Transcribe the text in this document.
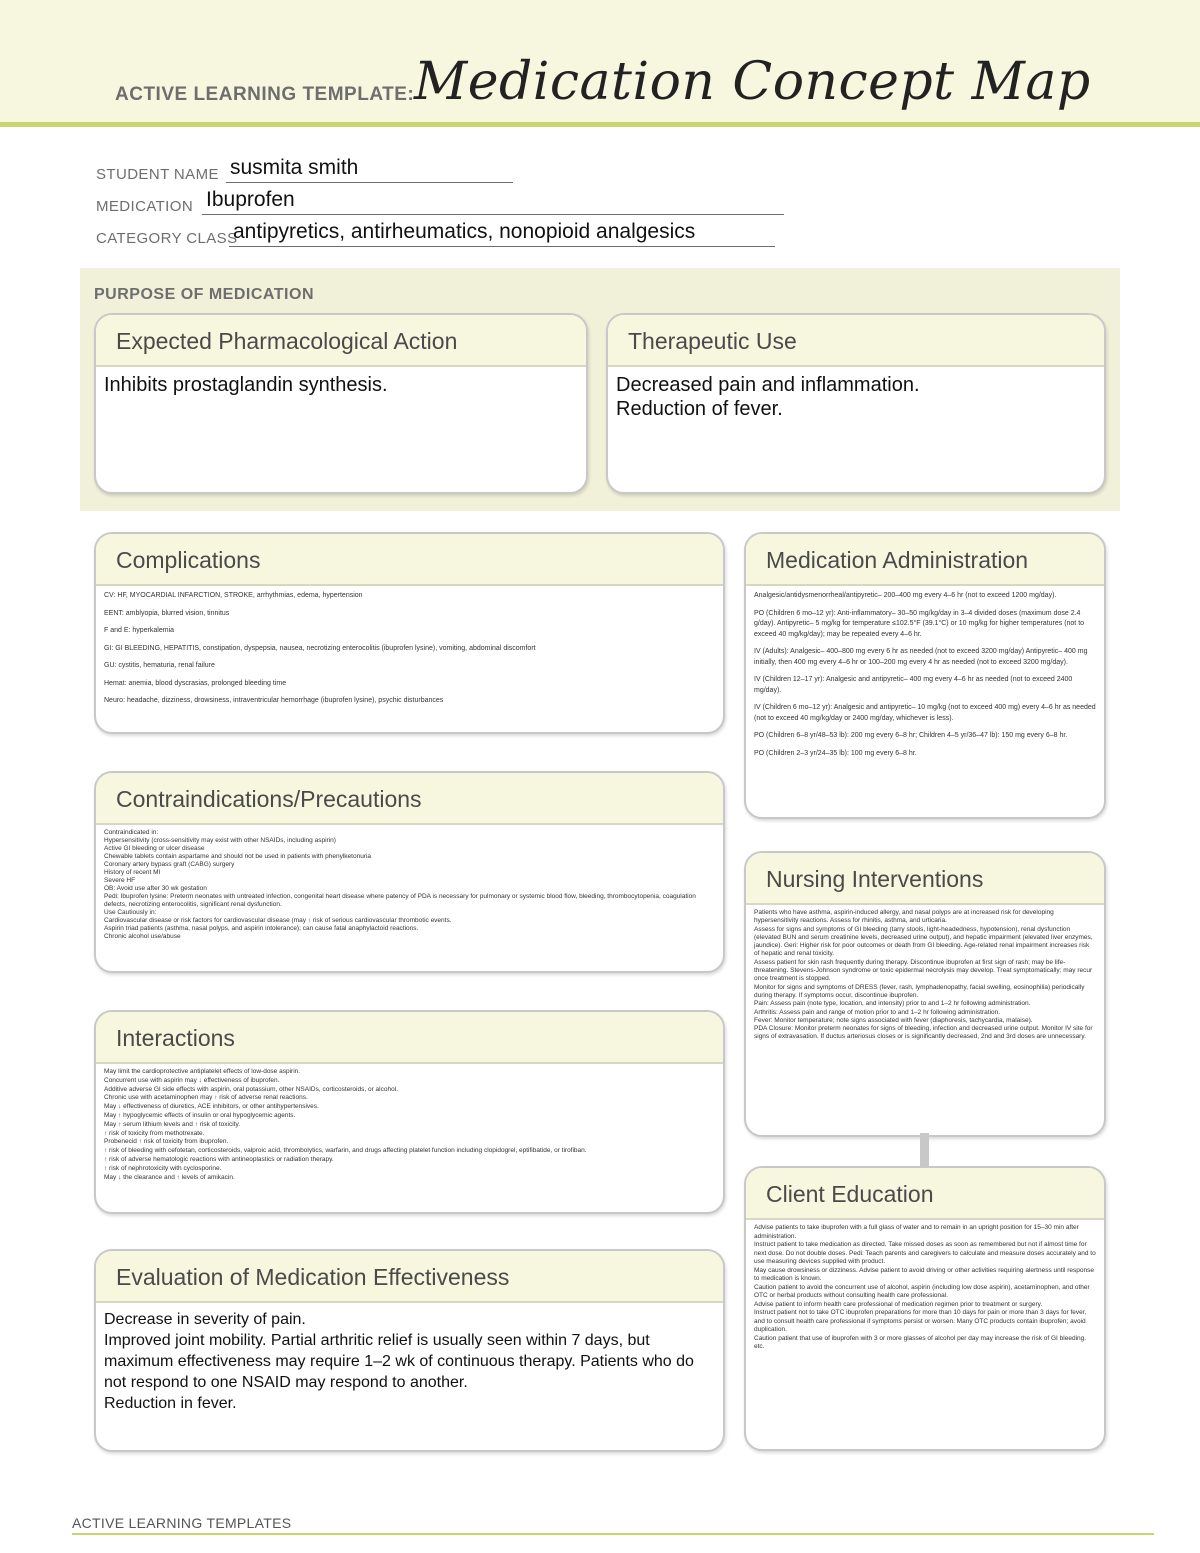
ACTIVE LEARNING TEMPLATE: Medication Concept Map
STUDENT NAME susmita smith
MEDICATION Ibuprofen
CATEGORY CLASS
antipyretics, antirheumatics, nonopioid analgesics
PURPOSE OF MEDICATION
Expected Pharmacological Action
Inhibits prostaglandin synthesis.
Therapeutic Use
Decreased pain and inflammation.
Reduction of fever.
Complications

CV: HF, MYOCARDIAL INFARCTION, STROKE, arrhythmias, edema, hypertension

EENT: amblyopia, blurred vision, tinnitus

F and E: hyperkalemia

GI: GI BLEEDING, HEPATITIS, constipation, dyspepsia, nausea, necrotizing enterocolitis (ibuprofen lysine), vomiting, abdominal discomfort

GU: cystitis, hematuria, renal failure

Hemat: anemia, blood dyscrasias, prolonged bleeding time

Neuro: headache, dizziness, drowsiness, intraventricular hemorrhage (ibuprofen lysine), psychic disturbances

Medication Administration

Analgesic/antidysmenorrheal/antipyretic– 200–400 mg every 4–6 hr (not to exceed 1200 mg/day).

PO (Children 6 mo–12 yr): Anti-inflammatory– 30–50 mg/kg/day in 3–4 divided doses (maximum dose 2.4 g/day). Antipyretic– 5 mg/kg for temperature ≤102.5°F (39.1°C) or 10 mg/kg for higher temperatures (not to exceed 40 mg/kg/day); may be repeated every 4–6 hr.

IV (Adults): Analgesic– 400–800 mg every 6 hr as needed (not to exceed 3200 mg/day) Antipyretic– 400 mg initially, then 400 mg every 4–6 hr or 100–200 mg every 4 hr as needed (not to exceed 3200 mg/day).

IV (Children 12–17 yr): Analgesic and antipyretic– 400 mg every 4–6 hr as needed (not to exceed 2400 mg/day).

IV (Children 6 mo–12 yr): Analgesic and antipyretic– 10 mg/kg (not to exceed 400 mg) every 4–6 hr as needed (not to exceed 40 mg/kg/day or 2400 mg/day, whichever is less).

PO (Children 6–8 yr/48–53 lb): 200 mg every 6–8 hr; Children 4–5 yr/36–47 lb): 150 mg every 6–8 hr.

PO (Children 2–3 yr/24–35 lb): 100 mg every 6–8 hr.

Contraindications/Precautions

Contraindicated in:

Hypersensitivity (cross-sensitivity may exist with other NSAIDs, including aspirin)

Active GI bleeding or ulcer disease

Chewable tablets contain aspartame and should not be used in patients with phenylketonuria

Coronary artery bypass graft (CABG) surgery

History of recent MI

Severe HF

OB: Avoid use after 30 wk gestation

Pedi: Ibuprofen lysine: Preterm neonates with untreated infection, congenital heart disease where patency of PDA is necessary for pulmonary or systemic blood flow, bleeding, thrombocytopenia, coagulation defects, necrotizing enterocolitis, significant renal dysfunction.

Use Cautiously in:

Cardiovascular disease or risk factors for cardiovascular disease (may ↑ risk of serious cardiovascular thrombotic events.

Aspirin triad patients (asthma, nasal polyps, and aspirin intolerance); can cause fatal anaphylactoid reactions.

Chronic alcohol use/abuse

Nursing Interventions

Patients who have asthma, aspirin-induced allergy, and nasal polyps are at increased risk for developing hypersensitivity reactions. Assess for rhinitis, asthma, and urticaria.

Assess for signs and symptoms of GI bleeding (tarry stools, light-headedness, hypotension), renal dysfunction (elevated BUN and serum creatinine levels, decreased urine output), and hepatic impairment (elevated liver enzymes, jaundice). Geri: Higher risk for poor outcomes or death from GI bleeding. Age-related renal impairment increases risk of hepatic and renal toxicity.

Assess patient for skin rash frequently during therapy. Discontinue ibuprofen at first sign of rash; may be life-threatening. Stevens-Johnson syndrome or toxic epidermal necrolysis may develop. Treat symptomatically; may recur once treatment is stopped.

Monitor for signs and symptoms of DRESS (fever, rash, lymphadenopathy, facial swelling, eosinophilia) periodically during therapy. If symptoms occur, discontinue ibuprofen.

Pain: Assess pain (note type, location, and intensity) prior to and 1–2 hr following administration.

Arthritis: Assess pain and range of motion prior to and 1–2 hr following administration.

Fever: Monitor temperature; note signs associated with fever (diaphoresis, tachycardia, malaise).

PDA Closure: Monitor preterm neonates for signs of bleeding, infection and decreased urine output. Monitor IV site for signs of extravasation. If ductus arteriosus closes or is significantly decreased, 2nd and 3rd doses are unnecessary.

Interactions

May limit the cardioprotective antiplatelet effects of low-dose aspirin.

Concurrent use with aspirin may ↓ effectiveness of ibuprofen.

Additive adverse GI side effects with aspirin, oral potassium, other NSAIDs, corticosteroids, or alcohol.

Chronic use with acetaminophen may ↑ risk of adverse renal reactions.

May ↓ effectiveness of diuretics, ACE inhibitors, or other antihypertensives.

May ↑ hypoglycemic effects of insulin or oral hypoglycemic agents.

May ↑ serum lithium levels and ↑ risk of toxicity.

↑ risk of toxicity from methotrexate.

Probenecid ↑ risk of toxicity from ibuprofen.

↑ risk of bleeding with cefotetan, corticosteroids, valproic acid, thrombolytics, warfarin, and drugs affecting platelet function including clopidogrel, eptifibatide, or tirofiban.

↑ risk of adverse hematologic reactions with antineoplastics or radiation therapy.

↑ risk of nephrotoxicity with cyclosporine.

May ↓ the clearance and ↑ levels of amikacin.

Client Education

Advise patients to take ibuprofen with a full glass of water and to remain in an upright position for 15–30 min after administration.

Instruct patient to take medication as directed. Take missed doses as soon as remembered but not if almost time for next dose. Do not double doses. Pedi: Teach parents and caregivers to calculate and measure doses accurately and to use measuring devices supplied with product.

May cause drowsiness or dizziness. Advise patient to avoid driving or other activities requiring alertness until response to medication is known.

Caution patient to avoid the concurrent use of alcohol, aspirin (including low dose aspirin), acetaminophen, and other OTC or herbal products without consulting health care professional.

Advise patient to inform health care professional of medication regimen prior to treatment or surgery.

Instruct patient not to take OTC ibuprofen preparations for more than 10 days for pain or more than 3 days for fever, and to consult health care professional if symptoms persist or worsen. Many OTC products contain ibuprofen; avoid duplication.

Caution patient that use of ibuprofen with 3 or more glasses of alcohol per day may increase the risk of GI bleeding.

etc.

Evaluation of Medication Effectiveness
Decrease in severity of pain.
Improved joint mobility. Partial arthritic relief is usually seen within 7 days, but maximum effectiveness may require 1–2 wk of continuous therapy. Patients who do not respond to one NSAID may respond to another.
Reduction in fever.
ACTIVE LEARNING TEMPLATES
